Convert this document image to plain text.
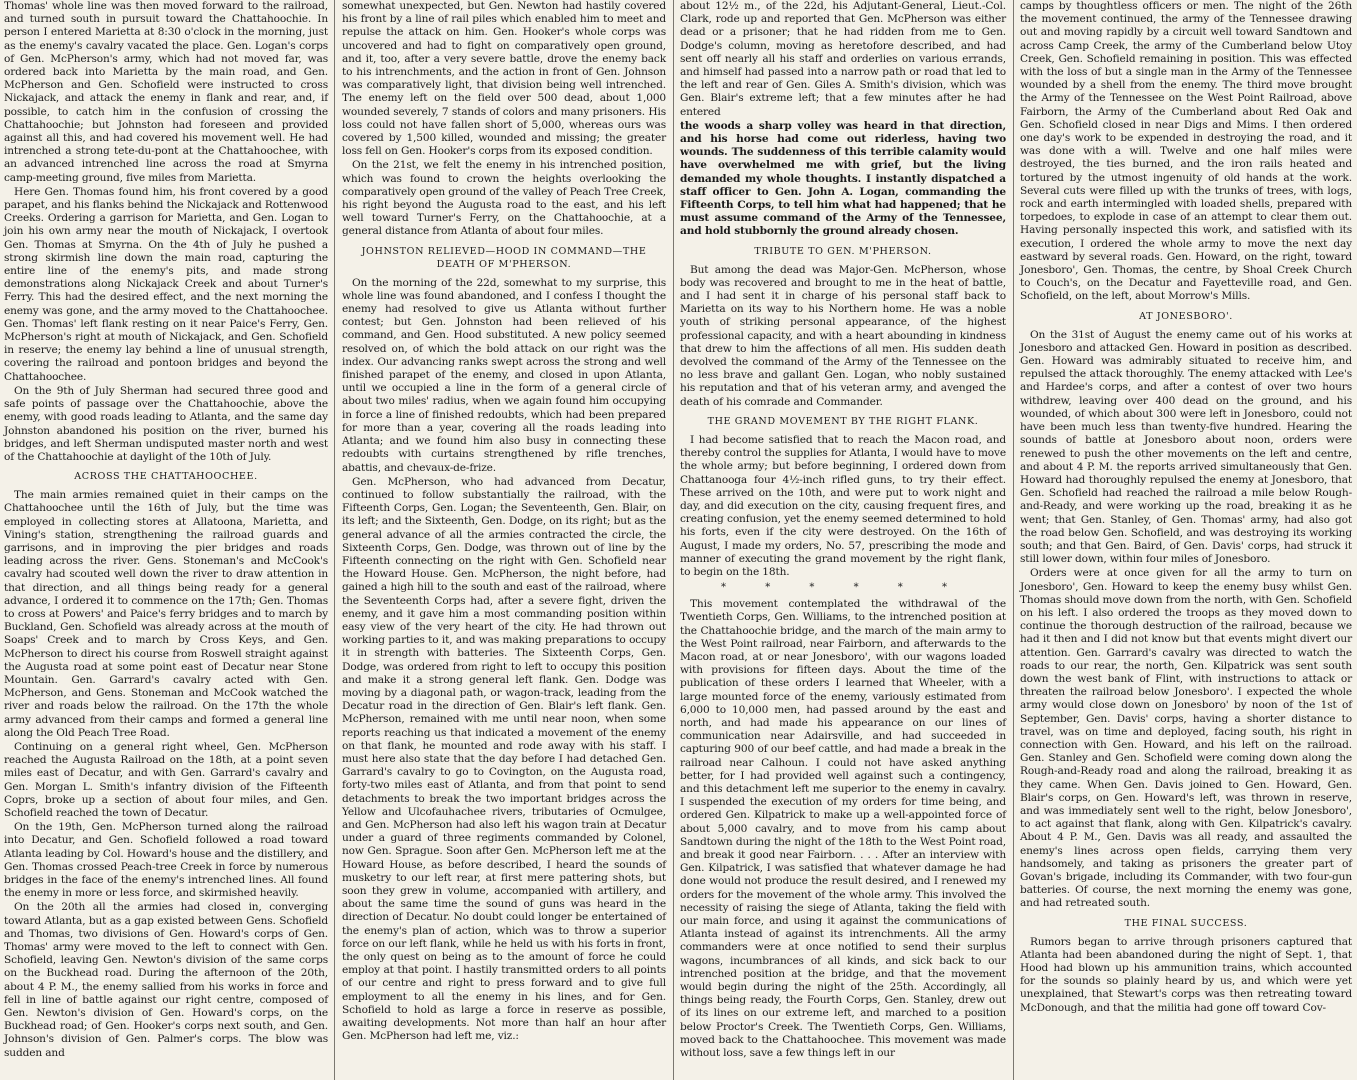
Thomas' whole line was then moved forward to the railroad, and turned south in pursuit toward the Chattahoochie. In person I entered Marietta at 8:30 o'clock in the morning, just as the enemy's cavalry vacated the place. Gen. Logan's corps of Gen. McPherson's army, which had not moved far, was ordered back into Marietta by the main road, and Gen. McPherson and Gen. Schofield were instructed to cross Nickajack, and attack the enemy in flank and rear, and, if possible, to catch him in the confusion of crossing the Chattahoochie; but Johnston had foreseen and provided against all this, and had covered his movement well. He had intrenched a strong tete-du-pont at the Chattahoochee, with an advanced intrenched line across the road at Smyrna camp-meeting ground, five miles from Marietta.

Here Gen. Thomas found him, his front covered by a good parapet, and his flanks behind the Nickajack and Rottenwood Creeks. Ordering a garrison for Marietta, and Gen. Logan to join his own army near the mouth of Nickajack, I overtook Gen. Thomas at Smyrna. On the 4th of July he pushed a strong skirmish line down the main road, capturing the entire line of the enemy's pits, and made strong demonstrations along Nickajack Creek and about Turner's Ferry. This had the desired effect, and the next morning the enemy was gone, and the army moved to the Chattahoochee. Gen. Thomas' left flank resting on it near Paice's Ferry, Gen. McPherson's right at mouth of Nickajack, and Gen. Schofield in reserve; the enemy lay behind a line of unusual strength, covering the railroad and pontoon bridges and beyond the Chattahoochee.

On the 9th of July Sherman had secured three good and safe points of passage over the Chattahoochie, above the enemy, with good roads leading to Atlanta, and the same day Johnston abandoned his position on the river, burned his bridges, and left Sherman undisputed master north and west of the Chattahoochie at daylight of the 10th of July.

ACROSS THE CHATTAHOOCHEE.

The main armies remained quiet in their camps on the Chattahoochee until the 16th of July, but the time was employed in collecting stores at Allatoona, Marietta, and Vining's station, strengthening the railroad guards and garrisons, and in improving the pier bridges and roads leading across the river. Gens. Stoneman's and McCook's cavalry had scouted well down the river to draw attention in that direction, and all things being ready for a general advance, I ordered it to commence on the 17th; Gen. Thomas to cross at Powers' and Paice's ferry bridges and to march by Buckland, Gen. Schofield was already across at the mouth of Soaps' Creek and to march by Cross Keys, and Gen. McPherson to direct his course from Roswell straight against the Augusta road at some point east of Decatur near Stone Mountain. Gen. Garrard's cavalry acted with Gen. McPherson, and Gens. Stoneman and McCook watched the river and roads below the railroad. On the 17th the whole army advanced from their camps and formed a general line along the Old Peach Tree Road.

Continuing on a general right wheel, Gen. McPherson reached the Augusta Railroad on the 18th, at a point seven miles east of Decatur, and with Gen. Garrard's cavalry and Gen. Morgan L. Smith's infantry division of the Fifteenth Coprs, broke up a section of about four miles, and Gen. Schofield reached the town of Decatur.

On the 19th, Gen. McPherson turned along the railroad into Decatur, and Gen. Schofield followed a road toward Atlanta leading by Col. Howard's house and the distillery, and Gen. Thomas crossed Peach-tree Creek in force by numerous bridges in the face of the enemy's intrenched lines. All found the enemy in more or less force, and skirmished heavily.

On the 20th all the armies had closed in, converging toward Atlanta, but as a gap existed between Gens. Schofield and Thomas, two divisions of Gen. Howard's corps of Gen. Thomas' army were moved to the left to connect with Gen. Schofield, leaving Gen. Newton's division of the same corps on the Buckhead road. During the afternoon of the 20th, about 4 P. M., the enemy sallied from his works in force and fell in line of battle against our right centre, composed of Gen. Newton's division of Gen. Howard's corps, on the Buckhead road; of Gen. Hooker's corps next south, and Gen. Johnson's division of Gen. Palmer's corps. The blow was sudden and

somewhat unexpected, but Gen. Newton had hastily covered his front by a line of rail piles which enabled him to meet and repulse the attack on him. Gen. Hooker's whole corps was uncovered and had to fight on comparatively open ground, and it, too, after a very severe battle, drove the enemy back to his intrenchments, and the action in front of Gen. Johnson was comparatively light, that division being well intrenched. The enemy left on the field over 500 dead, about 1,000 wounded severely, 7 stands of colors and many prisoners. His loss could not have fallen short of 5,000, whereas ours was covered by 1,500 killed, wounded and missing; the greater loss fell on Gen. Hooker's corps from its exposed condition.

On the 21st, we felt the enemy in his intrenched position, which was found to crown the heights overlooking the comparatively open ground of the valley of Peach Tree Creek, his right beyond the Augusta road to the east, and his left well toward Turner's Ferry, on the Chattahoochie, at a general distance from Atlanta of about four miles.

JOHNSTON RELIEVED—HOOD IN COMMAND—THE DEATH OF M'PHERSON.

On the morning of the 22d, somewhat to my surprise, this whole line was found abandoned, and I confess I thought the enemy had resolved to give us Atlanta without further contest; but Gen. Johnston had been relieved of his command, and Gen. Hood substituted. A new policy seemed resolved on, of which the bold attack on our right was the index. Our advancing ranks swept across the strong and well finished parapet of the enemy, and closed in upon Atlanta, until we occupied a line in the form of a general circle of about two miles' radius, when we again found him occupying in force a line of finished redoubts, which had been prepared for more than a year, covering all the roads leading into Atlanta; and we found him also busy in connecting these redoubts with curtains strengthened by rifle trenches, abattis, and chevaux-de-frize.

Gen. McPherson, who had advanced from Decatur, continued to follow substantially the railroad, with the Fifteenth Corps, Gen. Logan; the Seventeenth, Gen. Blair, on its left; and the Sixteenth, Gen. Dodge, on its right; but as the general advance of all the armies contracted the circle, the Sixteenth Corps, Gen. Dodge, was thrown out of line by the Fifteenth connecting on the right with Gen. Schofield near the Howard House. Gen. McPherson, the night before, had gained a high hill to the south and east of the railroad, where the Seventeenth Corps had, after a severe fight, driven the enemy, and it gave him a most commanding position within easy view of the very heart of the city. He had thrown out working parties to it, and was making preparations to occupy it in strength with batteries. The Sixteenth Corps, Gen. Dodge, was ordered from right to left to occupy this position and make it a strong general left flank. Gen. Dodge was moving by a diagonal path, or wagon-track, leading from the Decatur road in the direction of Gen. Blair's left flank. Gen. McPherson, remained with me until near noon, when some reports reaching us that indicated a movement of the enemy on that flank, he mounted and rode away with his staff. I must here also state that the day before I had detached Gen. Garrard's cavalry to go to Covington, on the Augusta road, forty-two miles east of Atlanta, and from that point to send detachments to break the two important bridges across the Yellow and Ulcofauhachee rivers, tributaries of Ocmulgee, and Gen. McPherson had also left his wagon train at Decatur under a guard of three regiments commanded by Colonel, now Gen. Sprague. Soon after Gen. McPherson left me at the Howard House, as before described, I heard the sounds of musketry to our left rear, at first mere pattering shots, but soon they grew in volume, accompanied with artillery, and about the same time the sound of guns was heard in the direction of Decatur. No doubt could longer be entertained of the enemy's plan of action, which was to throw a superior force on our left flank, while he held us with his forts in front, the only quest on being as to the amount of force he could employ at that point. I hastily transmitted orders to all points of our centre and right to press forward and to give full employment to all the enemy in his lines, and for Gen. Schofield to hold as large a force in reserve as possible, awaiting developments. Not more than half an hour after Gen. McPherson had left me, viz.:

about 12½ m., of the 22d, his Adjutant-General, Lieut.-Col. Clark, rode up and reported that Gen. McPherson was either dead or a prisoner; that he had ridden from me to Gen. Dodge's column, moving as heretofore described, and had sent off nearly all his staff and orderlies on various errands, and himself had passed into a narrow path or road that led to the left and rear of Gen. Giles A. Smith's division, which was Gen. Blair's extreme left; that a few minutes after he had entered

the woods a sharp volley was heard in that direction, and his horse had come out riderless, having two wounds. The suddenness of this terrible calamity would have overwhelmed me with grief, but the living demanded my whole thoughts. I instantly dispatched a staff officer to Gen. John A. Logan, commanding the Fifteenth Corps, to tell him what had happened; that he must assume command of the Army of the Tennessee, and hold stubbornly the ground already chosen.

TRIBUTE TO GEN. M'PHERSON.

But among the dead was Major-Gen. McPherson, whose body was recovered and brought to me in the heat of battle, and I had sent it in charge of his personal staff back to Marietta on its way to his Northern home. He was a noble youth of striking personal appearance, of the highest professional capacity, and with a heart abounding in kindness that drew to him the affections of all men. His sudden death devolved the command of the Army of the Tennessee on the no less brave and gallant Gen. Logan, who nobly sustained his reputation and that of his veteran army, and avenged the death of his comrade and Commander.

THE GRAND MOVEMENT BY THE RIGHT FLANK.

I had become satisfied that to reach the Macon road, and thereby control the supplies for Atlanta, I would have to move the whole army; but before beginning, I ordered down from Chattanooga four 4½-inch rifled guns, to try their effect. These arrived on the 10th, and were put to work night and day, and did execution on the city, causing frequent fires, and creating confusion, yet the enemy seemed determined to hold his forts, even if the city were destroyed. On the 16th of August, I made my orders, No. 57, prescribing the mode and manner of executing the grand movement by the right flank, to begin on the 18th.

* * * * * *

This movement contemplated the withdrawal of the Twentieth Corps, Gen. Williams, to the intrenched position at the Chattahoochie bridge, and the march of the main army to the West Point railroad, near Fairborn, and afterwards to the Macon road, at or near Jonesboro', with our wagons loaded with provisions for fifteen days. About the time of the publication of these orders I learned that Wheeler, with a large mounted force of the enemy, variously estimated from 6,000 to 10,000 men, had passed around by the east and north, and had made his appearance on our lines of communication near Adairsville, and had succeeded in capturing 900 of our beef cattle, and had made a break in the railroad near Calhoun. I could not have asked anything better, for I had provided well against such a contingency, and this detachment left me superior to the enemy in cavalry. I suspended the execution of my orders for time being, and ordered Gen. Kilpatrick to make up a well-appointed force of about 5,000 cavalry, and to move from his camp about Sandtown during the night of the 18th to the West Point road, and break it good near Fairborn. . . . After an interview with Gen. Kilpatrick, I was satisfied that whatever damage he had done would not produce the result desired, and I renewed my orders for the movement of the whole army. This involved the necessity of raising the siege of Atlanta, taking the field with our main force, and using it against the communications of Atlanta instead of against its intrenchments. All the army commanders were at once notified to send their surplus wagons, incumbrances of all kinds, and sick back to our intrenched position at the bridge, and that the movement would begin during the night of the 25th. Accordingly, all things being ready, the Fourth Corps, Gen. Stanley, drew out of its lines on our extreme left, and marched to a position below Proctor's Creek. The Twentieth Corps, Gen. Williams, moved back to the Chattahoochee. This movement was made without loss, save a few things left in our

camps by thoughtless officers or men. The night of the 26th the movement continued, the army of the Tennessee drawing out and moving rapidly by a circuit well toward Sandtown and across Camp Creek, the army of the Cumberland below Utoy Creek, Gen. Schofield remaining in position. This was effected with the loss of but a single man in the Army of the Tennessee wounded by a shell from the enemy. The third move brought the Army of the Tennessee on the West Point Railroad, above Fairborn, the Army of the Cumberland about Red Oak and Gen. Schofield closed in near Digs and Mims. I then ordered one day's work to be expended in destroying the road, and it was done with a will. Twelve and one half miles were destroyed, the ties burned, and the iron rails heated and tortured by the utmost ingenuity of old hands at the work. Several cuts were filled up with the trunks of trees, with logs, rock and earth intermingled with loaded shells, prepared with torpedoes, to explode in case of an attempt to clear them out. Having personally inspected this work, and satisfied with its execution, I ordered the whole army to move the next day eastward by several roads. Gen. Howard, on the right, toward Jonesboro', Gen. Thomas, the centre, by Shoal Creek Church to Couch's, on the Decatur and Fayetteville road, and Gen. Schofield, on the left, about Morrow's Mills.

AT JONESBORO'.

On the 31st of August the enemy came out of his works at Jonesboro and attacked Gen. Howard in position as described. Gen. Howard was admirably situated to receive him, and repulsed the attack thoroughly. The enemy attacked with Lee's and Hardee's corps, and after a contest of over two hours withdrew, leaving over 400 dead on the ground, and his wounded, of which about 300 were left in Jonesboro, could not have been much less than twenty-five hundred. Hearing the sounds of battle at Jonesboro about noon, orders were renewed to push the other movements on the left and centre, and about 4 P. M. the reports arrived simultaneously that Gen. Howard had thoroughly repulsed the enemy at Jonesboro, that Gen. Schofield had reached the railroad a mile below Rough-and-Ready, and were working up the road, breaking it as he went; that Gen. Stanley, of Gen. Thomas' army, had also got the road below Gen. Schofield, and was destroying its working south; and that Gen. Baird, of Gen. Davis' corps, had struck it still lower down, within four miles of Jonesboro.

Orders were at once given for all the army to turn on Jonesboro', Gen. Howard to keep the enemy busy whilst Gen. Thomas should move down from the north, with Gen. Schofield on his left. I also ordered the troops as they moved down to continue the thorough destruction of the railroad, because we had it then and I did not know but that events might divert our attention. Gen. Garrard's cavalry was directed to watch the roads to our rear, the north, Gen. Kilpatrick was sent south down the west bank of Flint, with instructions to attack or threaten the railroad below Jonesboro'. I expected the whole army would close down on Jonesboro' by noon of the 1st of September, Gen. Davis' corps, having a shorter distance to travel, was on time and deployed, facing south, his right in connection with Gen. Howard, and his left on the railroad. Gen. Stanley and Gen. Schofield were coming down along the Rough-and-Ready road and along the railroad, breaking it as they came. When Gen. Davis joined to Gen. Howard, Gen. Blair's corps, on Gen. Howard's left, was thrown in reserve, and was immediately sent well to the right, below Jonesboro', to act against that flank, along with Gen. Kilpatrick's cavalry. About 4 P. M., Gen. Davis was all ready, and assaulted the enemy's lines across open fields, carrying them very handsomely, and taking as prisoners the greater part of Govan's brigade, including its Commander, with two four-gun batteries. Of course, the next morning the enemy was gone, and had retreated south.

THE FINAL SUCCESS.

Rumors began to arrive through prisoners captured that Atlanta had been abandoned during the night of Sept. 1, that Hood had blown up his ammunition trains, which accounted for the sounds so plainly heard by us, and which were yet unexplained, that Stewart's corps was then retreating toward McDonough, and that the militia had gone off toward Cov-
